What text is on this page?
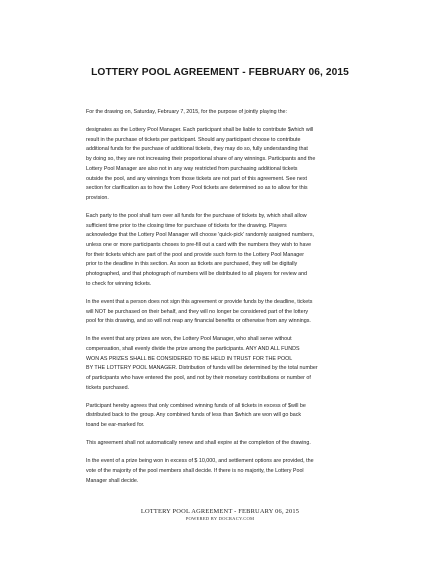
LOTTERY POOL AGREEMENT - FEBRUARY 06, 2015

For the drawing on, Saturday, February 7, 2015, for the purpose of jointly playing the:

designates as the Lottery Pool Manager. Each participant shall be liable to contribute $which will
result in the purchase of tickets per participant. Should any participant choose to contribute
additional funds for the purchase of additional tickets, they may do so, fully understanding that
by doing so, they are not increasing their proportional share of any winnings. Participants and the
Lottery Pool Manager are also not in any way restricted from purchasing additional tickets
outside the pool, and any winnings from those tickets are not part of this agreement. See next
section for clarification as to how the Lottery Pool tickets are determined so as to allow for this
provision.

Each party to the pool shall turn over all funds for the purchase of tickets by, which shall allow
sufficient time prior to the closing time for purchase of tickets for the drawing. Players
acknowledge that the Lottery Pool Manager will choose 'quick-pick' randomly assigned numbers,
unless one or more participants choses to pre-fill out a card with the numbers they wish to have
for their tickets which are part of the pool and provide such form to the Lottery Pool Manager
prior to the deadline in this section. As soon as tickets are purchased, they will be digitally
photographed, and that photograph of numbers will be distributed to all players for review and
to check for winning tickets.

In the event that a person does not sign this agreement or provide funds by the deadline, tickets
will NOT be purchased on their behalf, and they will no longer be considered part of the lottery
pool for this drawing, and so will not reap any financial benefits or otherwise from any winnings.

In the event that any prizes are won, the Lottery Pool Manager, who shall serve without
compensation, shall evenly divide the prize among the participants. ANY AND ALL FUNDS
WON AS PRIZES SHALL BE CONSIDERED TO BE HELD IN TRUST FOR THE POOL
BY THE LOTTERY POOL MANAGER. Distribution of funds will be determined by the total number
of participants who have entered the pool, and not by their monetary contributions or number of
tickets purchased.

Participant hereby agrees that only combined winning funds of all tickets in excess of $will be
distributed back to the group. Any combined funds of less than $which are won will go back
toand be ear-marked for.

This agreement shall not automatically renew and shall expire at the completion of the drawing.

In the event of a prize being won in excess of $ 10,000, and settlement options are provided, the
vote of the majority of the pool members shall decide. If there is no majority, the Lottery Pool
Manager shall decide.

LOTTERY POOL AGREEMENT - FEBRUARY 06, 2015
POWERED BY DOCRACY.COM
